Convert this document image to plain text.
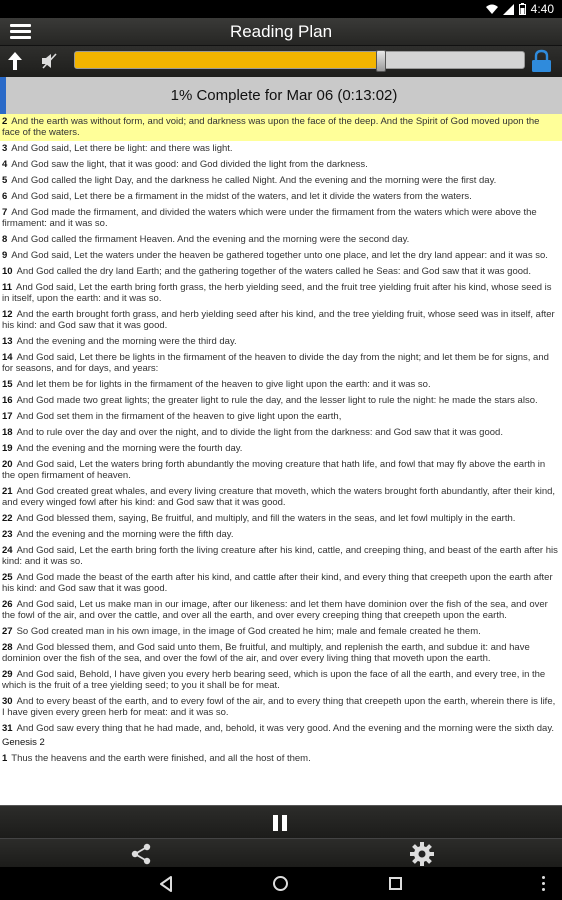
4:40
Reading Plan
1% Complete for Mar 06 (0:13:02)
2 And the earth was without form, and void; and darkness was upon the face of the deep. And the Spirit of God moved upon the face of the waters.
3 And God said, Let there be light: and there was light.
4 And God saw the light, that it was good: and God divided the light from the darkness.
5 And God called the light Day, and the darkness he called Night. And the evening and the morning were the first day.
6 And God said, Let there be a firmament in the midst of the waters, and let it divide the waters from the waters.
7 And God made the firmament, and divided the waters which were under the firmament from the waters which were above the firmament: and it was so.
8 And God called the firmament Heaven. And the evening and the morning were the second day.
9 And God said, Let the waters under the heaven be gathered together unto one place, and let the dry land appear: and it was so.
10 And God called the dry land Earth; and the gathering together of the waters called he Seas: and God saw that it was good.
11 And God said, Let the earth bring forth grass, the herb yielding seed, and the fruit tree yielding fruit after his kind, whose seed is in itself, upon the earth: and it was so.
12 And the earth brought forth grass, and herb yielding seed after his kind, and the tree yielding fruit, whose seed was in itself, after his kind: and God saw that it was good.
13 And the evening and the morning were the third day.
14 And God said, Let there be lights in the firmament of the heaven to divide the day from the night; and let them be for signs, and for seasons, and for days, and years:
15 And let them be for lights in the firmament of the heaven to give light upon the earth: and it was so.
16 And God made two great lights; the greater light to rule the day, and the lesser light to rule the night: he made the stars also.
17 And God set them in the firmament of the heaven to give light upon the earth,
18 And to rule over the day and over the night, and to divide the light from the darkness: and God saw that it was good.
19 And the evening and the morning were the fourth day.
20 And God said, Let the waters bring forth abundantly the moving creature that hath life, and fowl that may fly above the earth in the open firmament of heaven.
21 And God created great whales, and every living creature that moveth, which the waters brought forth abundantly, after their kind, and every winged fowl after his kind: and God saw that it was good.
22 And God blessed them, saying, Be fruitful, and multiply, and fill the waters in the seas, and let fowl multiply in the earth.
23 And the evening and the morning were the fifth day.
24 And God said, Let the earth bring forth the living creature after his kind, cattle, and creeping thing, and beast of the earth after his kind: and it was so.
25 And God made the beast of the earth after his kind, and cattle after their kind, and every thing that creepeth upon the earth after his kind: and God saw that it was good.
26 And God said, Let us make man in our image, after our likeness: and let them have dominion over the fish of the sea, and over the fowl of the air, and over the cattle, and over all the earth, and over every creeping thing that creepeth upon the earth.
27 So God created man in his own image, in the image of God created he him; male and female created he them.
28 And God blessed them, and God said unto them, Be fruitful, and multiply, and replenish the earth, and subdue it: and have dominion over the fish of the sea, and over the fowl of the air, and over every living thing that moveth upon the earth.
29 And God said, Behold, I have given you every herb bearing seed, which is upon the face of all the earth, and every tree, in the which is the fruit of a tree yielding seed; to you it shall be for meat.
30 And to every beast of the earth, and to every fowl of the air, and to every thing that creepeth upon the earth, wherein there is life, I have given every green herb for meat: and it was so.
31 And God saw every thing that he had made, and, behold, it was very good. And the evening and the morning were the sixth day.
Genesis 2
1 Thus the heavens and the earth were finished, and all the host of them.
